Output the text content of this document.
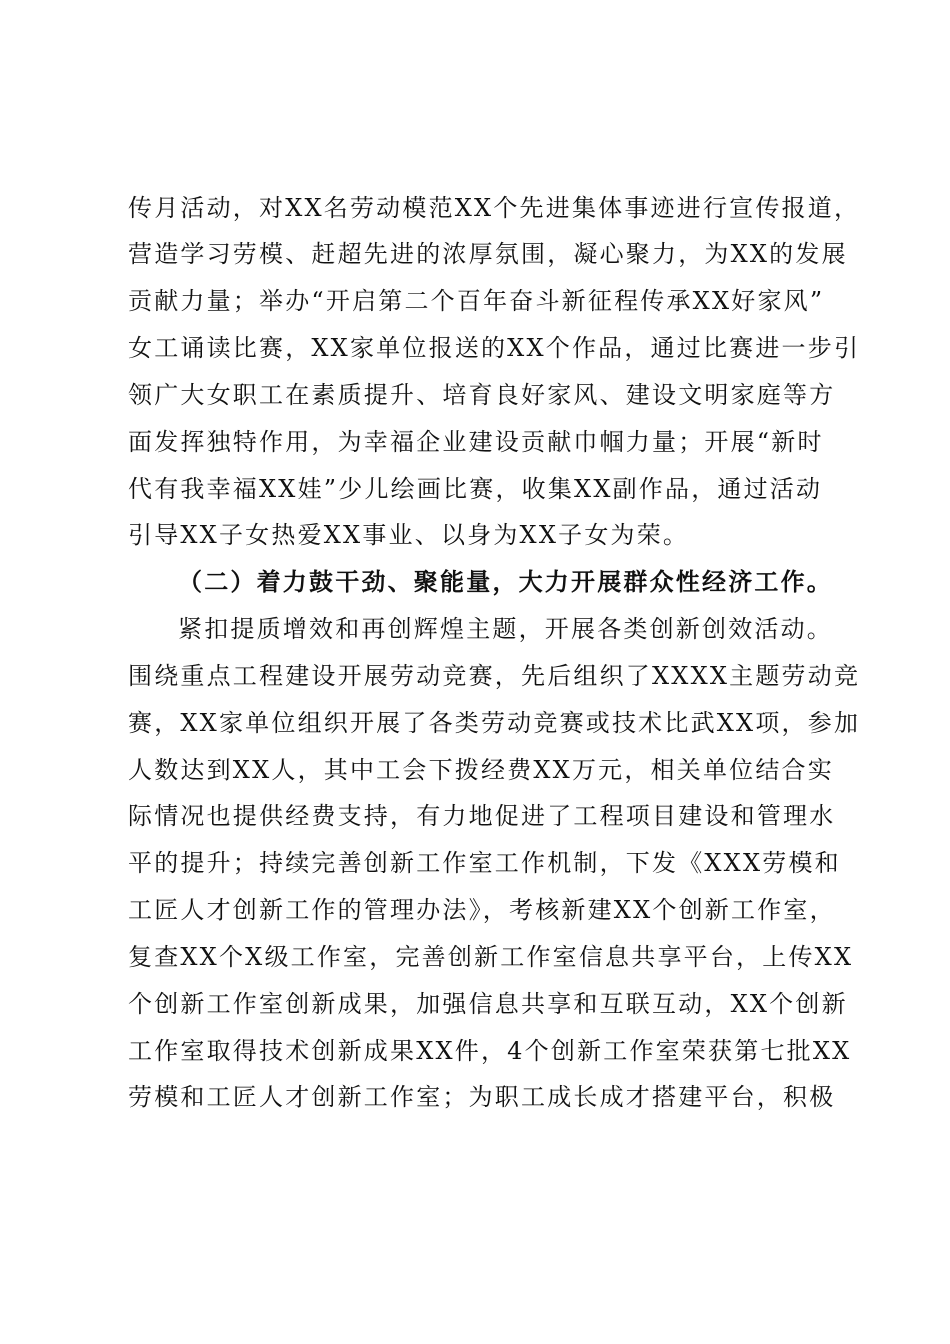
传月活动，对XX名劳动模范XX个先进集体事迹进行宣传报道，
营造学习劳模、赶超先进的浓厚氛围，凝心聚力，为XX的发展
贡献力量；举办“开启第二个百年奋斗新征程传承XX好家风”
女工诵读比赛，XX家单位报送的XX个作品，通过比赛进一步引
领广大女职工在素质提升、培育良好家风、建设文明家庭等方
面发挥独特作用，为幸福企业建设贡献巾帼力量；开展“新时
代有我幸福XX娃”少儿绘画比赛，收集XX副作品，通过活动
引导XX子女热爱XX事业、以身为XX子女为荣。
（二）着力鼓干劲、聚能量，大力开展群众性经济工作。
紧扣提质增效和再创辉煌主题，开展各类创新创效活动。
围绕重点工程建设开展劳动竞赛，先后组织了XXXX主题劳动竞
赛，XX家单位组织开展了各类劳动竞赛或技术比武XX项，参加
人数达到XX人，其中工会下拨经费XX万元，相关单位结合实
际情况也提供经费支持，有力地促进了工程项目建设和管理水
平的提升；持续完善创新工作室工作机制，下发《XXX劳模和
工匠人才创新工作的管理办法》，考核新建XX个创新工作室，
复查XX个X级工作室，完善创新工作室信息共享平台，上传XX
个创新工作室创新成果，加强信息共享和互联互动，XX个创新
工作室取得技术创新成果XX件，4个创新工作室荣获第七批XX
劳模和工匠人才创新工作室；为职工成长成才搭建平台，积极
